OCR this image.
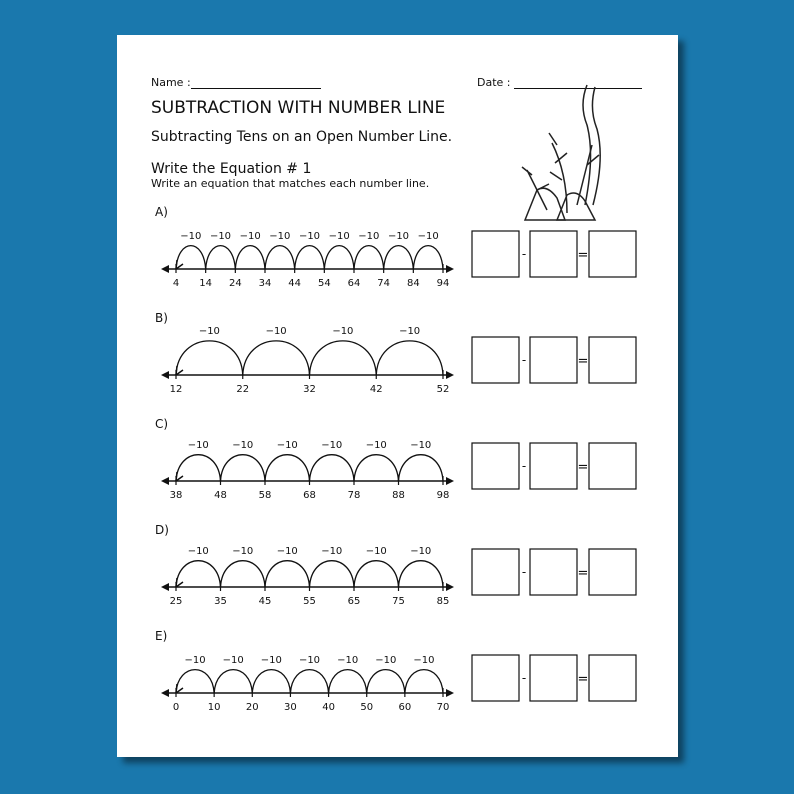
Name :	Date :
SUBTRACTION WITH NUMBER LINE
Subtracting Tens on an Open Number Line.
Write the Equation # 1
Write an equation that matches each number line.
A)
4
−10
14
−10
24
−10
34
−10
44
−10
54
−10
64
−10
74
−10
84
−10
94
-	=
B)
12
−10
22
−10
32
−10
42
−10
52
-	=
C)
38
−10
48
−10
58
−10
68
−10
78
−10
88
−10
98
-	=
D)
25
−10
35
−10
45
−10
55
−10
65
−10
75
−10
85
-	=
E)
0
−10
10
−10
20
−10
30
−10
40
−10
50
−10
60
−10
70
-	=
